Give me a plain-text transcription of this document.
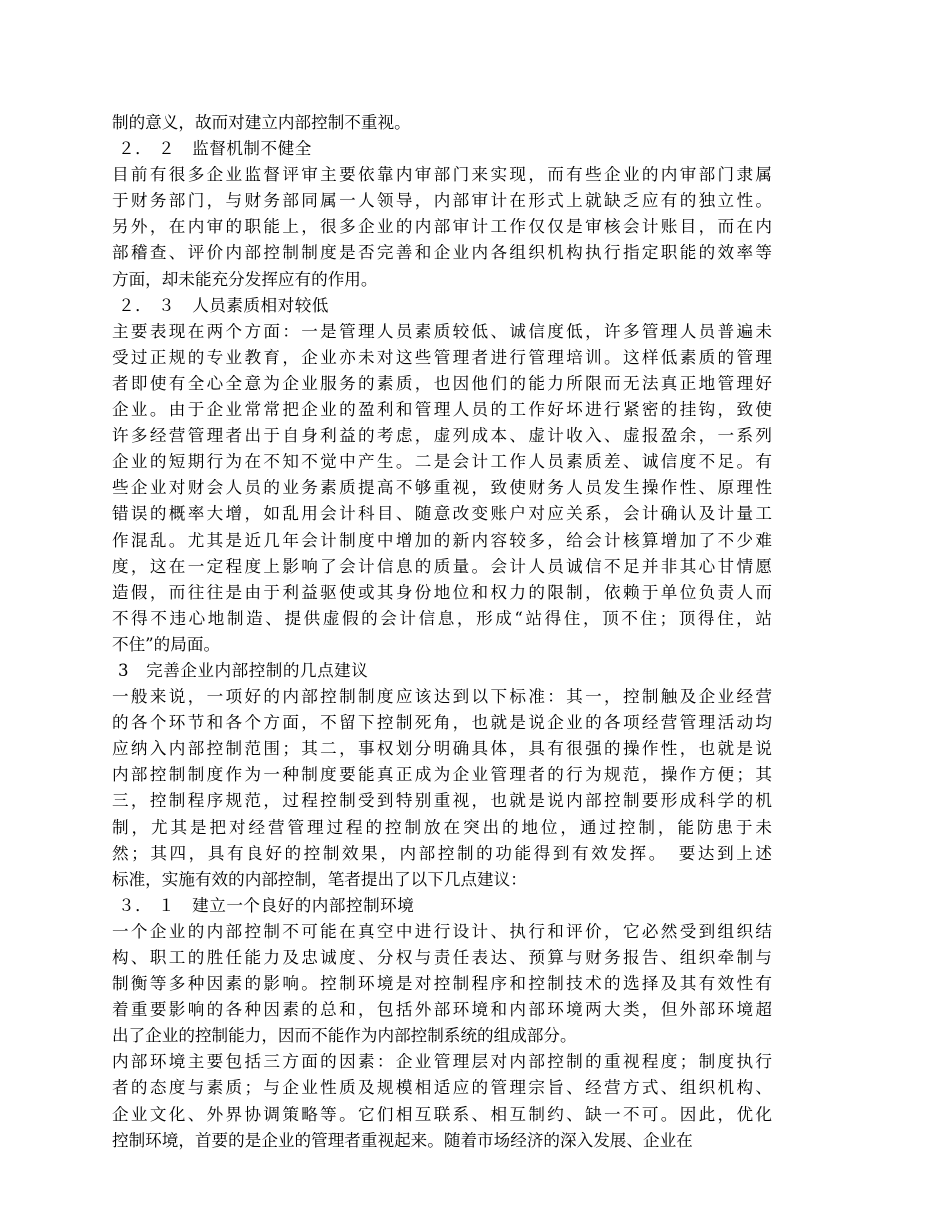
制的意义，故而对建立内部控制不重视。
２． ２　监督机制不健全
目前有很多企业监督评审主要依靠内审部门来实现，而有些企业的内审部门隶属
于财务部门，与财务部同属一人领导，内部审计在形式上就缺乏应有的独立性。
另外，在内审的职能上，很多企业的内部审计工作仅仅是审核会计账目，而在内
部稽查、评价内部控制制度是否完善和企业内各组织机构执行指定职能的效率等
方面，却未能充分发挥应有的作用。
２． ３　人员素质相对较低
主要表现在两个方面：一是管理人员素质较低、诚信度低，许多管理人员普遍未
受过正规的专业教育，企业亦未对这些管理者进行管理培训。这样低素质的管理
者即使有全心全意为企业服务的素质，也因他们的能力所限而无法真正地管理好
企业。由于企业常常把企业的盈利和管理人员的工作好坏进行紧密的挂钩，致使
许多经营管理者出于自身利益的考虑，虚列成本、虚计收入、虚报盈余，一系列
企业的短期行为在不知不觉中产生。二是会计工作人员素质差、诚信度不足。有
些企业对财会人员的业务素质提高不够重视，致使财务人员发生操作性、原理性
错误的概率大增，如乱用会计科目、随意改变账户对应关系，会计确认及计量工
作混乱。尤其是近几年会计制度中增加的新内容较多，给会计核算增加了不少难
度，这在一定程度上影响了会计信息的质量。会计人员诚信不足并非其心甘情愿
造假，而往往是由于利益驱使或其身份地位和权力的限制，依赖于单位负责人而
不得不违心地制造、提供虚假的会计信息，形成“站得住，顶不住；顶得住，站
不住”的局面。
3　完善企业内部控制的几点建议
一般来说，一项好的内部控制制度应该达到以下标准：其一，控制触及企业经营
的各个环节和各个方面，不留下控制死角，也就是说企业的各项经营管理活动均
应纳入内部控制范围；其二，事权划分明确具体，具有很强的操作性，也就是说
内部控制制度作为一种制度要能真正成为企业管理者的行为规范，操作方便；其
三，控制程序规范，过程控制受到特别重视，也就是说内部控制要形成科学的机
制，尤其是把对经营管理过程的控制放在突出的地位，通过控制，能防患于未
然；其四，具有良好的控制效果，内部控制的功能得到有效发挥。　要达到上述
标准，实施有效的内部控制，笔者提出了以下几点建议：
３． １　建立一个良好的内部控制环境
一个企业的内部控制不可能在真空中进行设计、执行和评价，它必然受到组织结
构、职工的胜任能力及忠诚度、分权与责任表达、预算与财务报告、组织牵制与
制衡等多种因素的影响。控制环境是对控制程序和控制技术的选择及其有效性有
着重要影响的各种因素的总和，包括外部环境和内部环境两大类，但外部环境超
出了企业的控制能力，因而不能作为内部控制系统的组成部分。
内部环境主要包括三方面的因素：企业管理层对内部控制的重视程度；制度执行
者的态度与素质；与企业性质及规模相适应的管理宗旨、经营方式、组织机构、
企业文化、外界协调策略等。它们相互联系、相互制约、缺一不可。因此，优化
控制环境，首要的是企业的管理者重视起来。随着市场经济的深入发展、企业在
